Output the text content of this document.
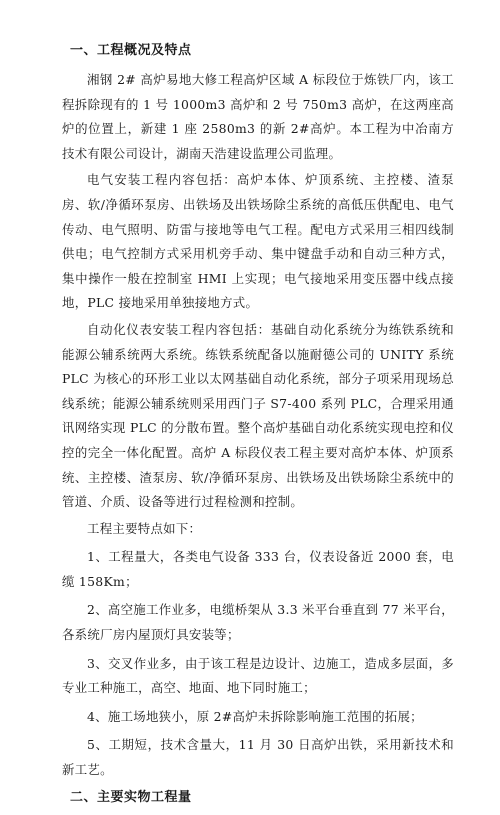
一、工程概况及特点

湘钢 2# 高炉易地大修工程高炉区域 A 标段位于炼铁厂内，该工程拆除现有的 1 号 1000m3 高炉和 2 号 750m3 高炉，在这两座高炉的位置上，新建 1 座 2580m3 的新 2#高炉。本工程为中冶南方技术有限公司设计，湖南天浩建设监理公司监理。

电气安装工程内容包括：高炉本体、炉顶系统、主控楼、渣泵房、软/净循环泵房、出铁场及出铁场除尘系统的高低压供配电、电气传动、电气照明、防雷与接地等电气工程。配电方式采用三相四线制供电；电气控制方式采用机旁手动、集中键盘手动和自动三种方式，集中操作一般在控制室 HMI 上实现；电气接地采用变压器中线点接地，PLC 接地采用单独接地方式。

自动化仪表安装工程内容包括：基础自动化系统分为练铁系统和能源公辅系统两大系统。练铁系统配备以施耐德公司的 UNITY 系统 PLC 为核心的环形工业以太网基础自动化系统，部分子项采用现场总线系统；能源公辅系统则采用西门子 S7-400 系列 PLC，合理采用通讯网络实现 PLC 的分散布置。整个高炉基础自动化系统实现电控和仪控的完全一体化配置。高炉 A 标段仪表工程主要对高炉本体、炉顶系统、主控楼、渣泵房、软/净循环泵房、出铁场及出铁场除尘系统中的管道、介质、设备等进行过程检测和控制。

工程主要特点如下：

1、工程量大，各类电气设备 333 台，仪表设备近 2000 套，电缆 158Km；
2、高空施工作业多，电缆桥架从 3.3 米平台垂直到 77 米平台，各系统厂房内屋顶灯具安装等；
3、交叉作业多，由于该工程是边设计、边施工，造成多层面，多专业工种施工，高空、地面、地下同时施工；
4、施工场地狭小，原 2#高炉未拆除影响施工范围的拓展；
5、工期短，技术含量大，11 月 30 日高炉出铁，采用新技术和新工艺。
二、主要实物工程量
